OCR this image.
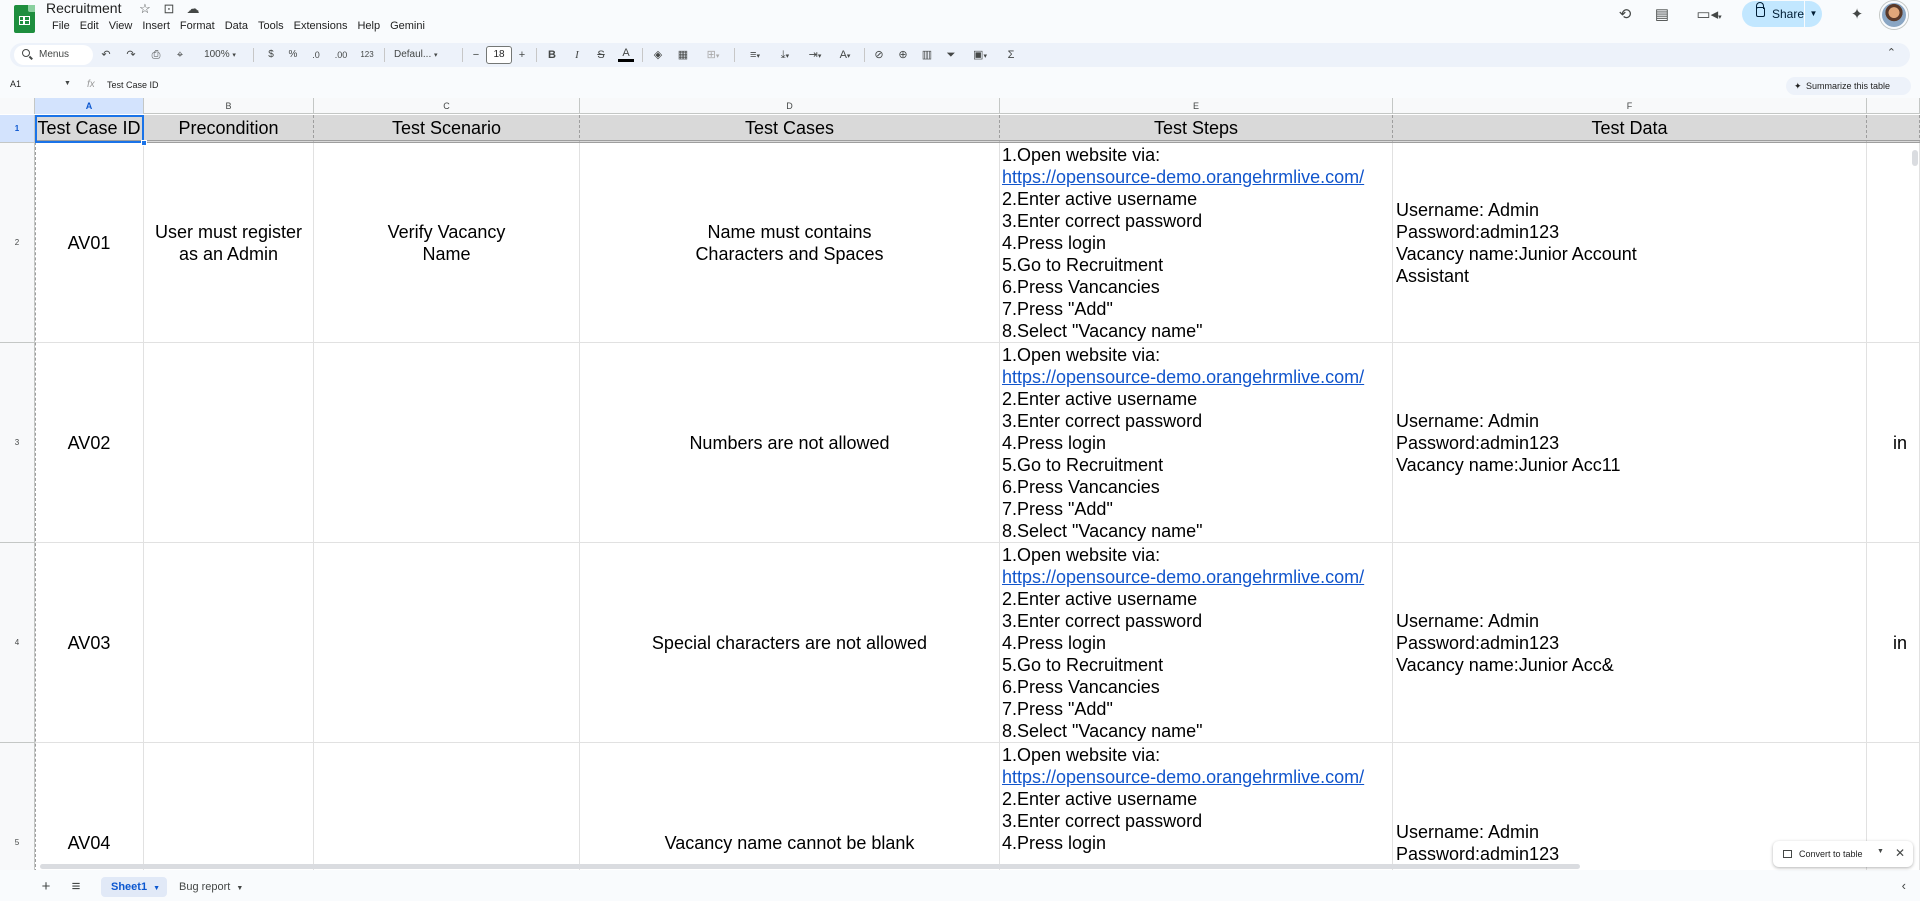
Recruitment ☆ ⊡ ☁
File Edit View Insert Format Data Tools Extensions Help Gemini
⟲	▤	▭◂▾	Share ▼	✦
Menus	↶	↷	⎙	⌖	100% ▾	$	%	.0	.00	123 Defaul... ▾	−	18	+ B	I	S	A	◈	▦	⊞▾	≡▾	⤓▾	⇥▾	A▾	⊘	⊕	▥	⏷	▣▾	Σ	⌃
A1	▼ fx Test Case ID
✦	Summarize this table
A	B	C	D	E	F
1
2
3
4
5
Test Case ID	Precondition	Test Scenario	Test Cases	Test Steps	Test Data
AV01
User must register as an Admin
Verify Vacancy Name
Name must contains Characters and Spaces
1.Open website via:
https://opensource-demo.orangehrmlive.com/
2.Enter active username
3.Enter correct password
4.Press login
5.Go to Recruitment
6.Press Vancancies
7.Press "Add"
8.Select "Vacancy name"
Username: Admin
Password:admin123
Vacancy name:Junior Account
Assistant
AV02	Numbers are not allowed
1.Open website via:
https://opensource-demo.orangehrmlive.com/
2.Enter active username
3.Enter correct password
4.Press login
5.Go to Recruitment
6.Press Vancancies
7.Press "Add"
8.Select "Vacancy name"
Username: Admin
Password:admin123
Vacancy name:Junior Acc11
in
AV03	Special characters are not allowed
1.Open website via:
https://opensource-demo.orangehrmlive.com/
2.Enter active username
3.Enter correct password
4.Press login
5.Go to Recruitment
6.Press Vancancies
7.Press "Add"
8.Select "Vacancy name"
Username: Admin
Password:admin123
Vacancy name:Junior Acc&
in
AV04	Vacancy name cannot be blank
1.Open website via:
https://opensource-demo.orangehrmlive.com/
2.Enter active username
3.Enter correct password
4.Press login
Username: Admin
Password:admin123	Convert to table ▼ ✕
+	≡	Sheet1 ▼	Bug report ▼	‹
